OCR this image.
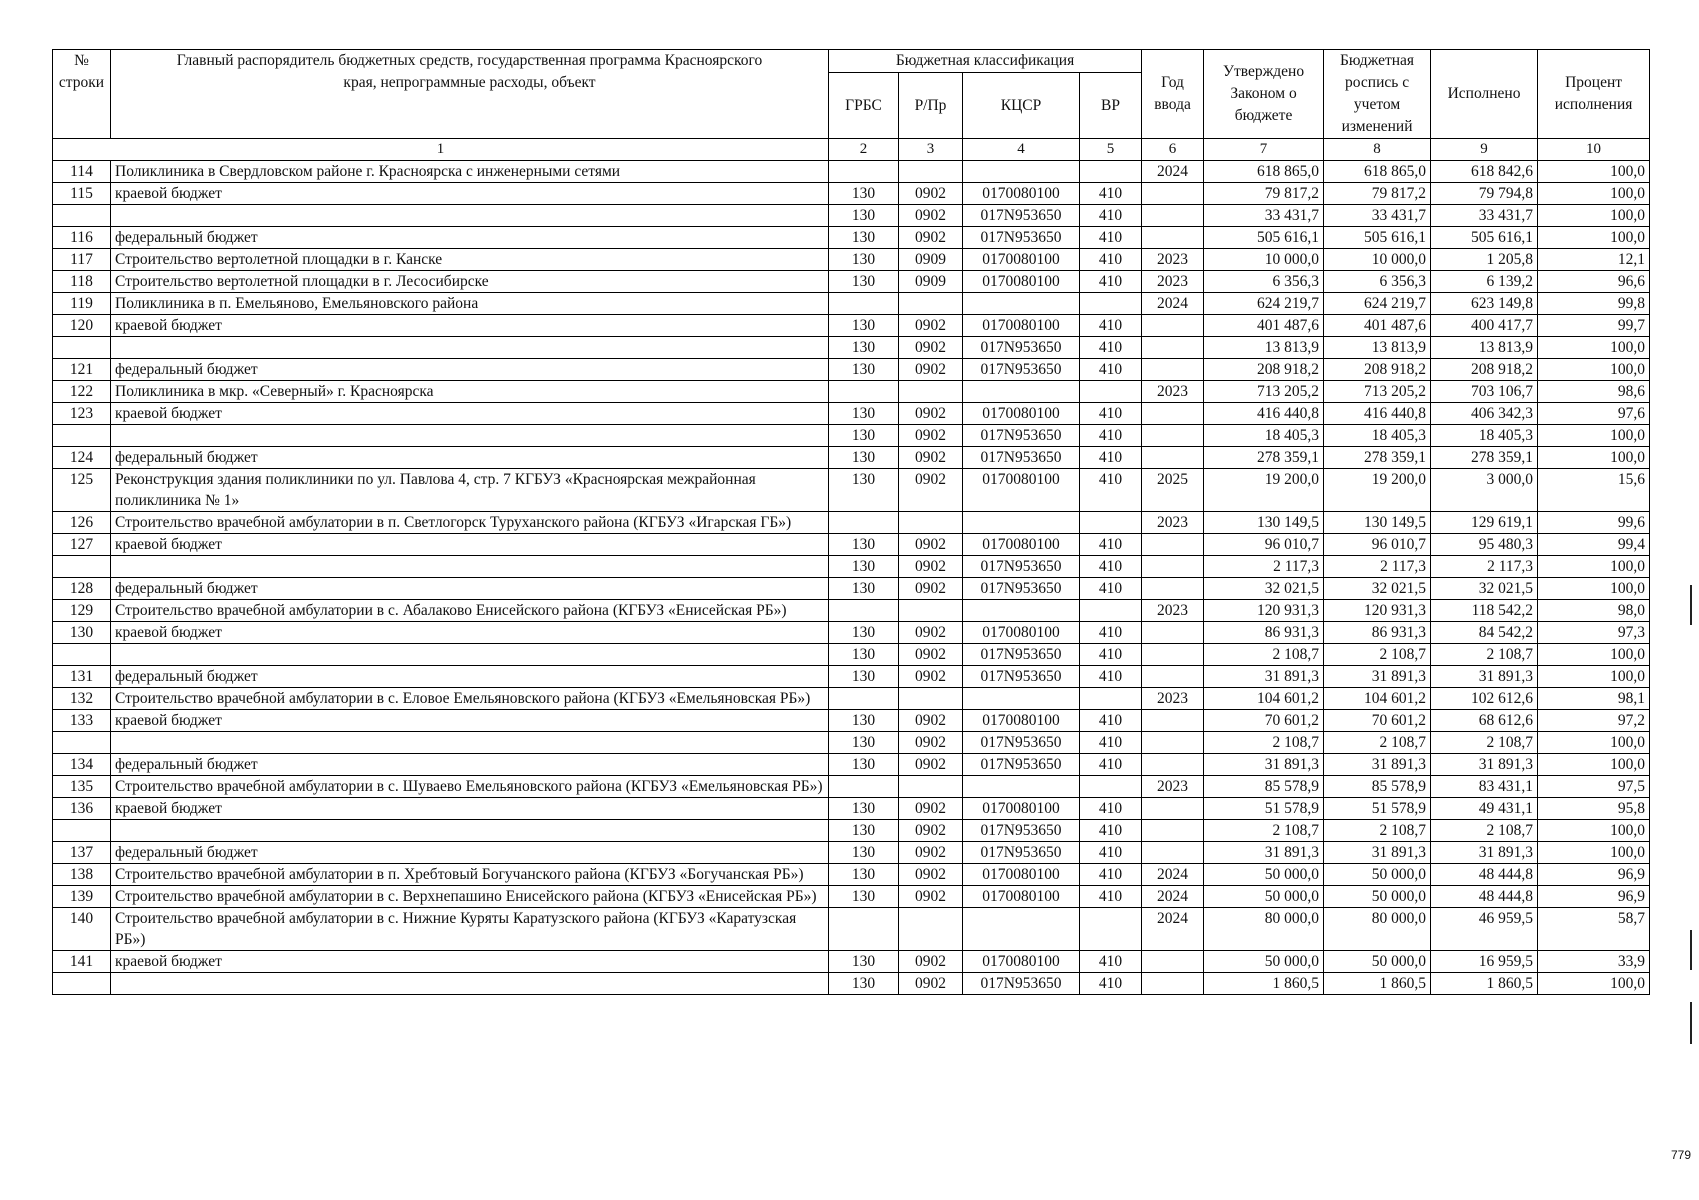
№ строки	Главный распорядитель бюджетных средств, государственная программа Красноярского края, непрограммные расходы, объект	Бюджетная классификация				Год ввода	Утверждено Законом о бюджете	Бюджетная роспись с учетом изменений	Исполнено	Процент исполнения
		ГРБС	Р/Пр	КЦСР	ВР					
1		2	3	4	5	6	7	8	9	10
114	Поликлиника в Свердловском районе г. Красноярска с инженерными сетями					2024	618 865,0	618 865,0	618 842,6	100,0
115	краевой бюджет	130	0902	0170080100	410		79 817,2	79 817,2	79 794,8	100,0
		130	0902	017N953650	410		33 431,7	33 431,7	33 431,7	100,0
116	федеральный бюджет	130	0902	017N953650	410		505 616,1	505 616,1	505 616,1	100,0
117	Строительство вертолетной площадки в г. Канске	130	0909	0170080100	410	2023	10 000,0	10 000,0	1 205,8	12,1
118	Строительство вертолетной площадки в г. Лесосибирске	130	0909	0170080100	410	2023	6 356,3	6 356,3	6 139,2	96,6
119	Поликлиника в п. Емельяново, Емельяновского района					2024	624 219,7	624 219,7	623 149,8	99,8
120	краевой бюджет	130	0902	0170080100	410		401 487,6	401 487,6	400 417,7	99,7
		130	0902	017N953650	410		13 813,9	13 813,9	13 813,9	100,0
121	федеральный бюджет	130	0902	017N953650	410		208 918,2	208 918,2	208 918,2	100,0
122	Поликлиника в мкр. «Северный» г. Красноярска					2023	713 205,2	713 205,2	703 106,7	98,6
123	краевой бюджет	130	0902	0170080100	410		416 440,8	416 440,8	406 342,3	97,6
		130	0902	017N953650	410		18 405,3	18 405,3	18 405,3	100,0
124	федеральный бюджет	130	0902	017N953650	410		278 359,1	278 359,1	278 359,1	100,0
125	Реконструкция здания поликлиники по ул. Павлова 4, стр. 7 КГБУЗ «Красноярская межрайонная поликлиника № 1»	130	0902	0170080100	410	2025	19 200,0	19 200,0	3 000,0	15,6
126	Строительство врачебной амбулатории в п. Светлогорск Туруханского района (КГБУЗ «Игарская ГБ»)					2023	130 149,5	130 149,5	129 619,1	99,6
127	краевой бюджет	130	0902	0170080100	410		96 010,7	96 010,7	95 480,3	99,4
		130	0902	017N953650	410		2 117,3	2 117,3	2 117,3	100,0
128	федеральный бюджет	130	0902	017N953650	410		32 021,5	32 021,5	32 021,5	100,0
129	Строительство врачебной амбулатории в с. Абалаково Енисейского района (КГБУЗ «Енисейская РБ»)					2023	120 931,3	120 931,3	118 542,2	98,0
130	краевой бюджет	130	0902	0170080100	410		86 931,3	86 931,3	84 542,2	97,3
		130	0902	017N953650	410		2 108,7	2 108,7	2 108,7	100,0
131	федеральный бюджет	130	0902	017N953650	410		31 891,3	31 891,3	31 891,3	100,0
132	Строительство врачебной амбулатории в с. Еловое Емельяновского района (КГБУЗ «Емельяновская РБ»)					2023	104 601,2	104 601,2	102 612,6	98,1
133	краевой бюджет	130	0902	0170080100	410		70 601,2	70 601,2	68 612,6	97,2
		130	0902	017N953650	410		2 108,7	2 108,7	2 108,7	100,0
134	федеральный бюджет	130	0902	017N953650	410		31 891,3	31 891,3	31 891,3	100,0
135	Строительство врачебной амбулатории в с. Шуваево Емельяновского района (КГБУЗ «Емельяновская РБ»)					2023	85 578,9	85 578,9	83 431,1	97,5
136	краевой бюджет	130	0902	0170080100	410		51 578,9	51 578,9	49 431,1	95,8
		130	0902	017N953650	410		2 108,7	2 108,7	2 108,7	100,0
137	федеральный бюджет	130	0902	017N953650	410		31 891,3	31 891,3	31 891,3	100,0
138	Строительство врачебной амбулатории в п. Хребтовый Богучанского района (КГБУЗ «Богучанская РБ»)	130	0902	0170080100	410	2024	50 000,0	50 000,0	48 444,8	96,9
139	Строительство врачебной амбулатории в с. Верхнепашино Енисейского района (КГБУЗ «Енисейская РБ»)	130	0902	0170080100	410	2024	50 000,0	50 000,0	48 444,8	96,9
140	Строительство врачебной амбулатории в с. Нижние Куряты Каратузского района (КГБУЗ «Каратузская РБ»)					2024	80 000,0	80 000,0	46 959,5	58,7
141	краевой бюджет	130	0902	0170080100	410		50 000,0	50 000,0	16 959,5	33,9
		130	0902	017N953650	410		1 860,5	1 860,5	1 860,5	100,0
779
